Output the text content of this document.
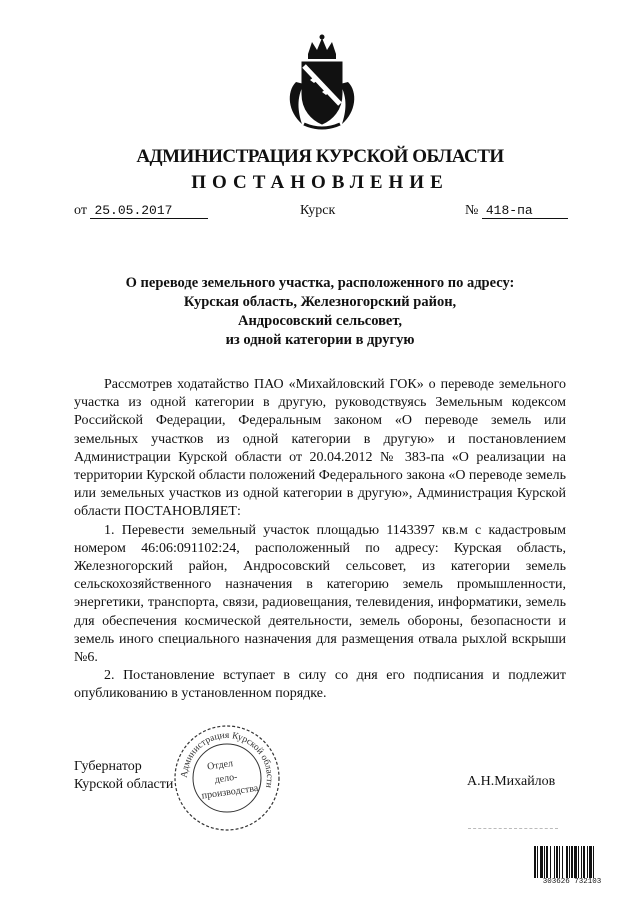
АДМИНИСТРАЦИЯ КУРСКОЙ ОБЛАСТИ
ПОСТАНОВЛЕНИЕ
от 25.05.2017	Курск	№ 418-па
О переводе земельного участка, расположенного по адресу:
Курская область, Железногорский район,
Андросовский сельсовет,
из одной категории в другую

Рассмотрев ходатайство ПАО «Михайловский ГОК» о переводе земельного участка из одной категории в другую, руководствуясь Земельным кодексом Российской Федерации, Федеральным законом «О переводе земель или земельных участков из одной категории в другую» и постановлением Администрации Курской области от 20.04.2012 № 383-па «О реализации на территории Курской области положений Федерального закона «О переводе земель или земельных участков из одной категории в другую», Администрация Курской области ПОСТАНОВЛЯЕТ:

1. Перевести земельный участок площадью 1143397 кв.м с кадастровым номером 46:06:091102:24, расположенный по адресу: Курская область, Железногорский район, Андросовский сельсовет, из категории земель сельскохозяйственного назначения в категорию земель промышленности, энергетики, транспорта, связи, радиовещания, телевидения, информатики, земель для обеспечения космической деятельности, земель обороны, безопасности и земель иного специального назначения для размещения отвала рыхлой вскрыши №6.

2. Постановление вступает в силу со дня его подписания и подлежит опубликованию в установленном порядке.

Губернатор
Курской области	А.Н.Михайлов
Администрация Курской области
Отдел
дело-
производства
303626 732103
